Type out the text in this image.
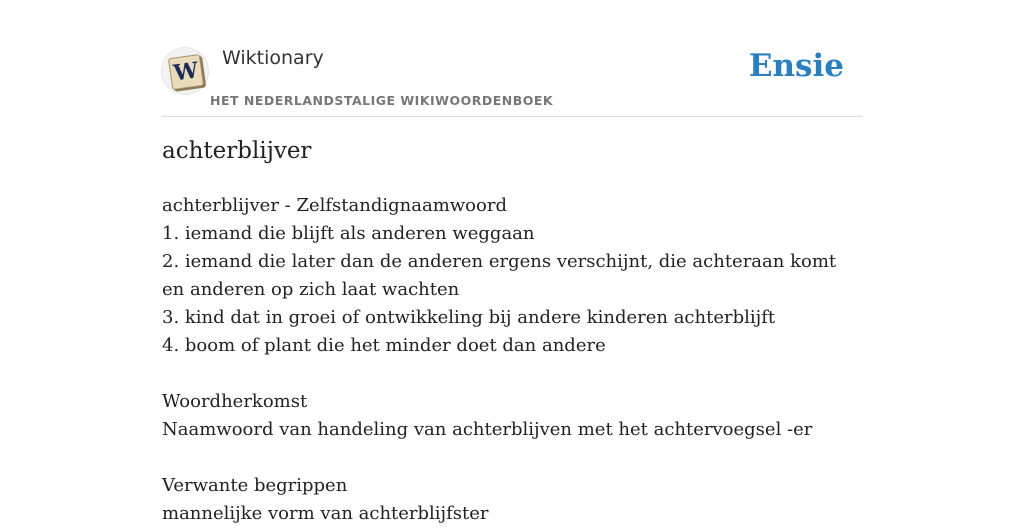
W Wiktionary
HET NEDERLANDSTALIGE WIKIWOORDENBOEK
Ensie
achterblijver
achterblijver - Zelfstandignaamwoord
1. iemand die blijft als anderen weggaan
2. iemand die later dan de anderen ergens verschijnt, die achteraan komt en anderen op zich laat wachten
3. kind dat in groei of ontwikkeling bij andere kinderen achterblijft
4. boom of plant die het minder doet dan andere
Woordherkomst
Naamwoord van handeling van achterblijven met het achtervoegsel -er
Verwante begrippen
mannelijke vorm van achterblijfster
